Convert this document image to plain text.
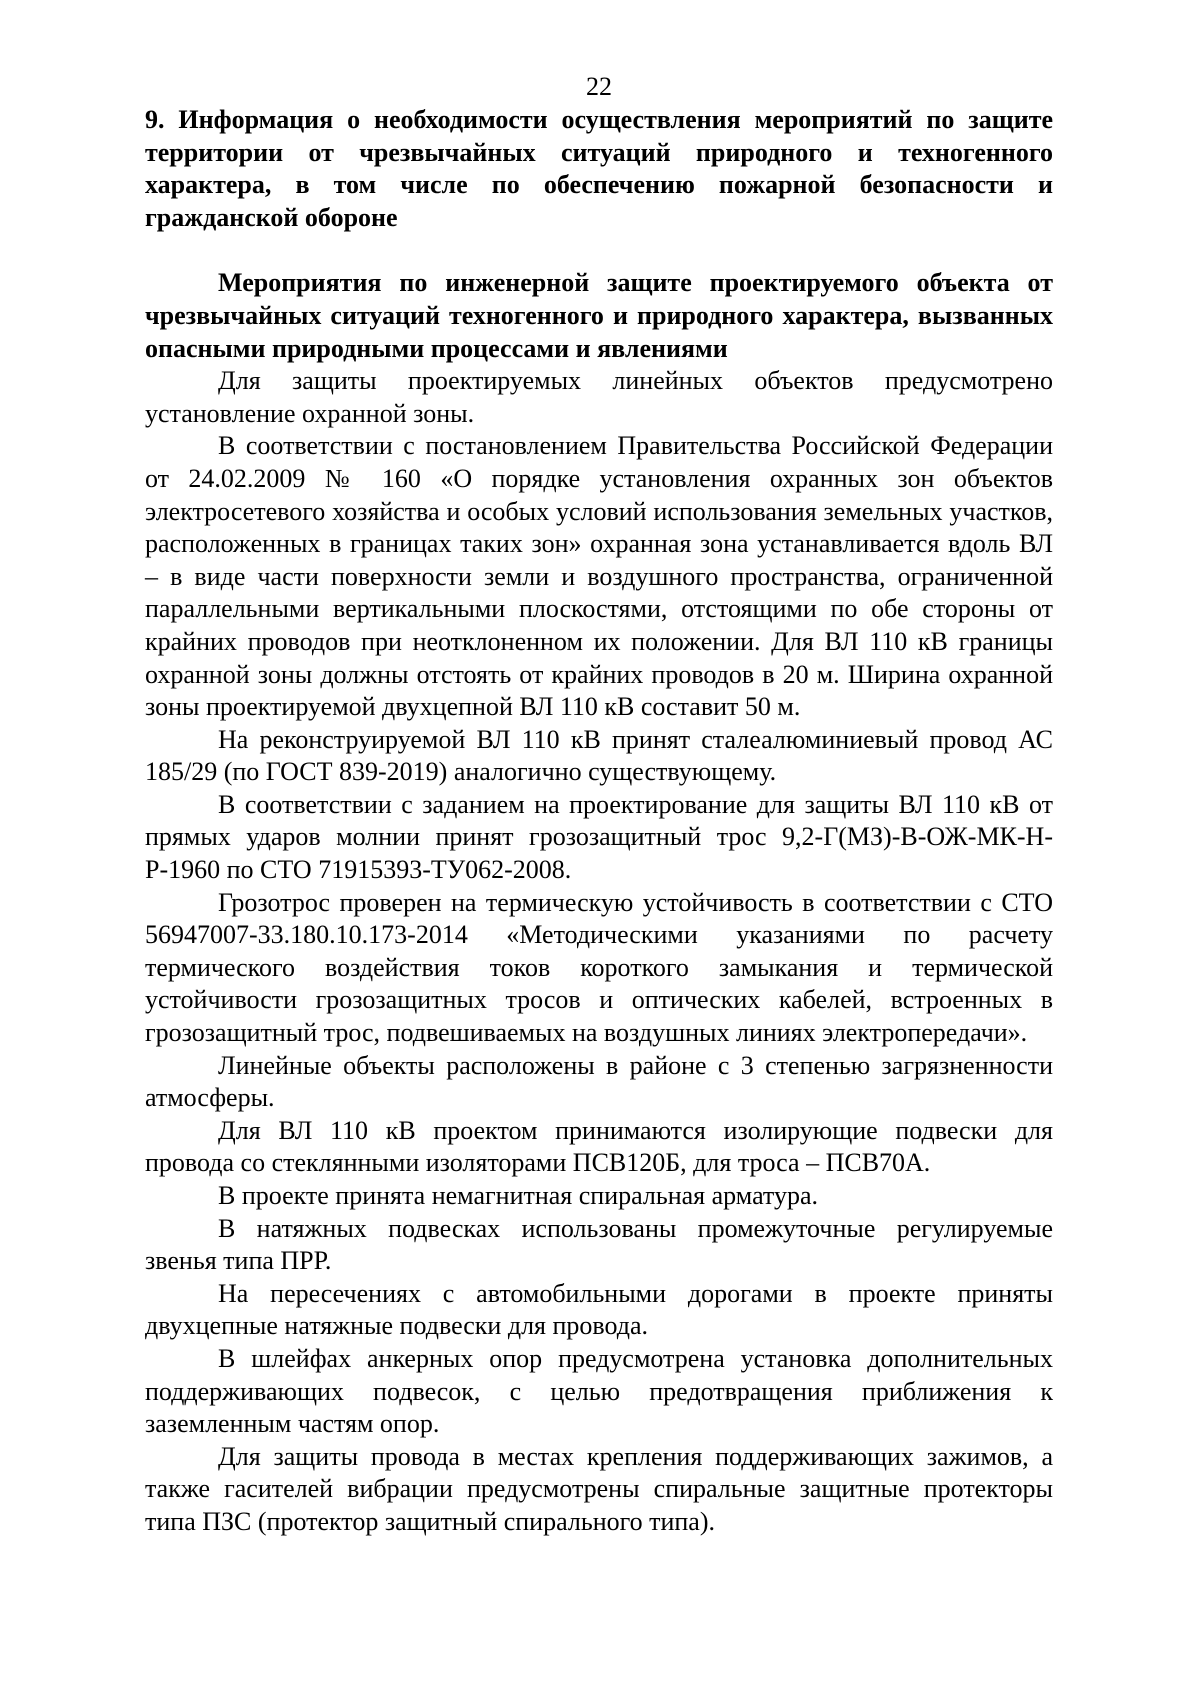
22

9. Информация о необходимости осуществления мероприятий по защите территории от чрезвычайных ситуаций природного и техногенного характера, в том числе по обеспечению пожарной безопасности и гражданской обороне

Мероприятия по инженерной защите проектируемого объекта от чрезвычайных ситуаций техногенного и природного характера, вызванных опасными природными процессами и явлениями

Для защиты проектируемых линейных объектов предусмотрено установление охранной зоны.

В соответствии с постановлением Правительства Российской Федерации от 24.02.2009 № 160 «О порядке установления охранных зон объектов электросетевого хозяйства и особых условий использования земельных участков, расположенных в границах таких зон» охранная зона устанавливается вдоль ВЛ – в виде части поверхности земли и воздушного пространства, ограниченной параллельными вертикальными плоскостями, отстоящими по обе стороны от крайних проводов при неотклоненном их положении. Для ВЛ 110 кВ границы охранной зоны должны отстоять от крайних проводов в 20 м. Ширина охранной зоны проектируемой двухцепной ВЛ 110 кВ составит 50 м.

На реконструируемой ВЛ 110 кВ принят сталеалюминиевый провод АС 185/29 (по ГОСТ 839-2019) аналогично существующему.

В соответствии с заданием на проектирование для защиты ВЛ 110 кВ от прямых ударов молнии принят грозозащитный трос 9,2-Г(МЗ)-В-ОЖ-МК-Н-Р-1960 по СТО 71915393-ТУ062-2008.

Грозотрос проверен на термическую устойчивость в соответствии с СТО 56947007-33.180.10.173-2014 «Методическими указаниями по расчету термического воздействия токов короткого замыкания и термической устойчивости грозозащитных тросов и оптических кабелей, встроенных в грозозащитный трос, подвешиваемых на воздушных линиях электропередачи».

Линейные объекты расположены в районе с 3 степенью загрязненности атмосферы.

Для ВЛ 110 кВ проектом принимаются изолирующие подвески для провода со стеклянными изоляторами ПСВ120Б, для троса – ПСВ70А.

В проекте принята немагнитная спиральная арматура.

В натяжных подвесках использованы промежуточные регулируемые звенья типа ПРР.

На пересечениях с автомобильными дорогами в проекте приняты двухцепные натяжные подвески для провода.

В шлейфах анкерных опор предусмотрена установка дополнительных поддерживающих подвесок, с целью предотвращения приближения к заземленным частям опор.

Для защиты провода в местах крепления поддерживающих зажимов, а также гасителей вибрации предусмотрены спиральные защитные протекторы типа ПЗС (протектор защитный спирального типа).
